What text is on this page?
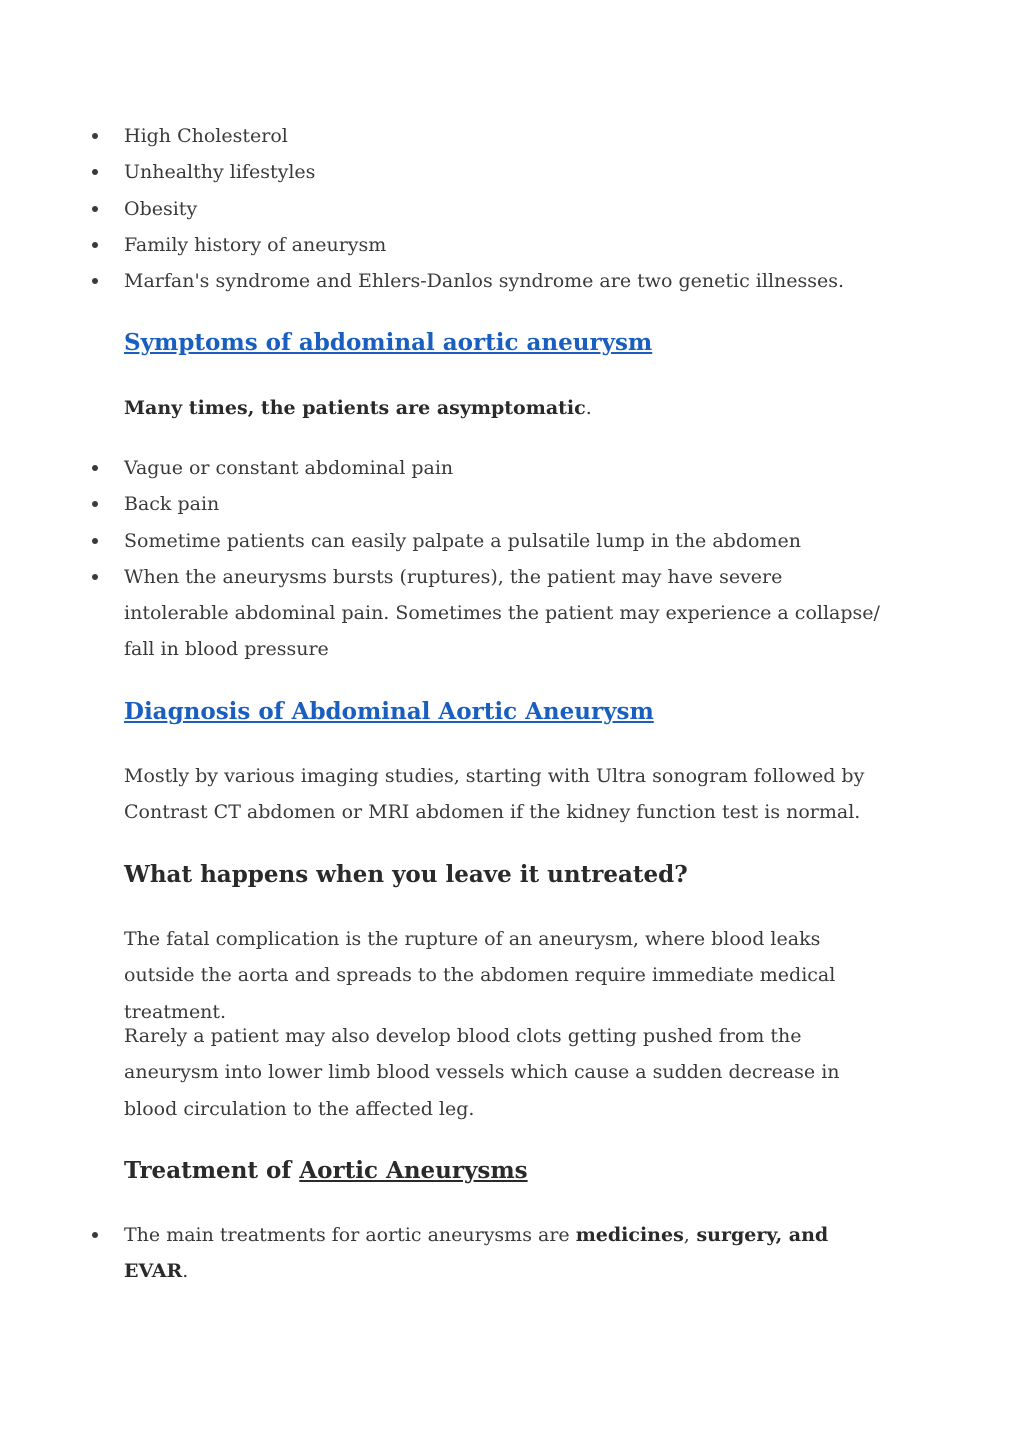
High Cholesterol
Unhealthy lifestyles
Obesity
Family history of aneurysm
Marfan's syndrome and Ehlers-Danlos syndrome are two genetic illnesses.
Symptoms of abdominal aortic aneurysm
Many times, the patients are asymptomatic.
Vague or constant abdominal pain
Back pain
Sometime patients can easily palpate a pulsatile lump in the abdomen
When the aneurysms bursts (ruptures), the patient may have severe intolerable abdominal pain. Sometimes the patient may experience a collapse/ fall in blood pressure
Diagnosis of Abdominal Aortic Aneurysm
Mostly by various imaging studies, starting with Ultra sonogram followed by Contrast CT abdomen or MRI abdomen if the kidney function test is normal.
What happens when you leave it untreated?
The fatal complication is the rupture of an aneurysm, where blood leaks outside the aorta and spreads to the abdomen require immediate medical treatment.
Rarely a patient may also develop blood clots getting pushed from the aneurysm into lower limb blood vessels which cause a sudden decrease in blood circulation to the affected leg.
Treatment of Aortic Aneurysms
The main treatments for aortic aneurysms are medicines, surgery, and EVAR.
